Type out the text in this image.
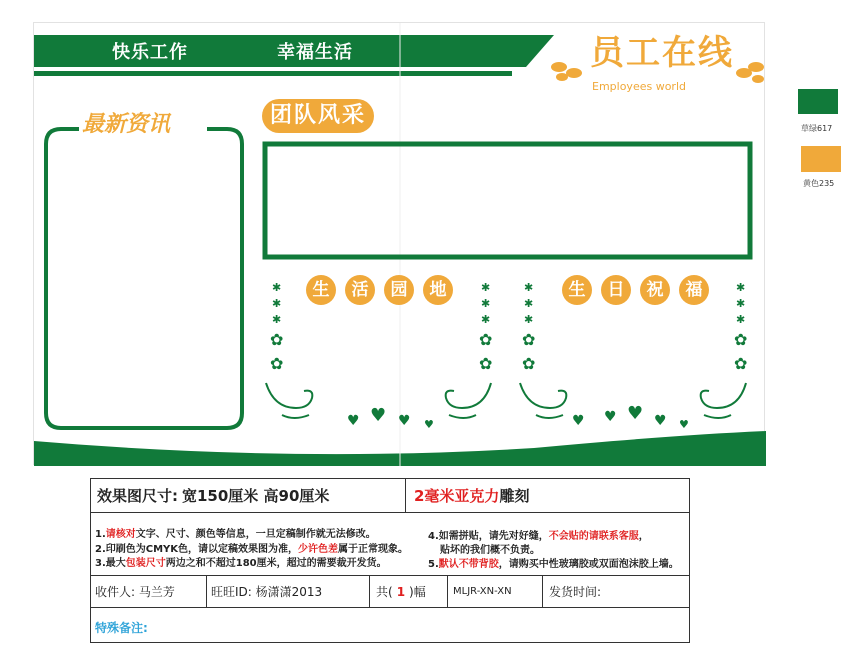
✱
✱
✱
✿
✿
✱
✱
✱
✿
✿
✱
✱
✱
✿
✿
✱
✱
✱
✿
✿
♥ ♥ ♥ ♥	♥ ♥ ♥ ♥ ♥
快乐工作	幸福生活	员工在线
Employees world
最新资讯	团队风采
生	活	园	地	生	日	祝	福
草绿617
黄色235
效果图尺寸: 宽150厘米 高90厘米	2毫米亚克力 雕刻
1.请核对文字、尺寸、颜色等信息，一旦定稿制作就无法修改。
2.印刷色为CMYK色，请以定稿效果图为准，少许色差属于正常现象。
3.最大包装尺寸两边之和不超过180厘米，超过的需要裁开发货。
4.如需拼贴，请先对好缝，不会贴的请联系客服，
贴坏的我们概不负责。
5.默认不带背胶，请购买中性玻璃胶或双面泡沫胶上墙。
收件人: 马兰芳	旺旺ID: 杨潇潇2013	共( 1 )幅	MLJR-XN-XN	发货时间:
特殊备注:
